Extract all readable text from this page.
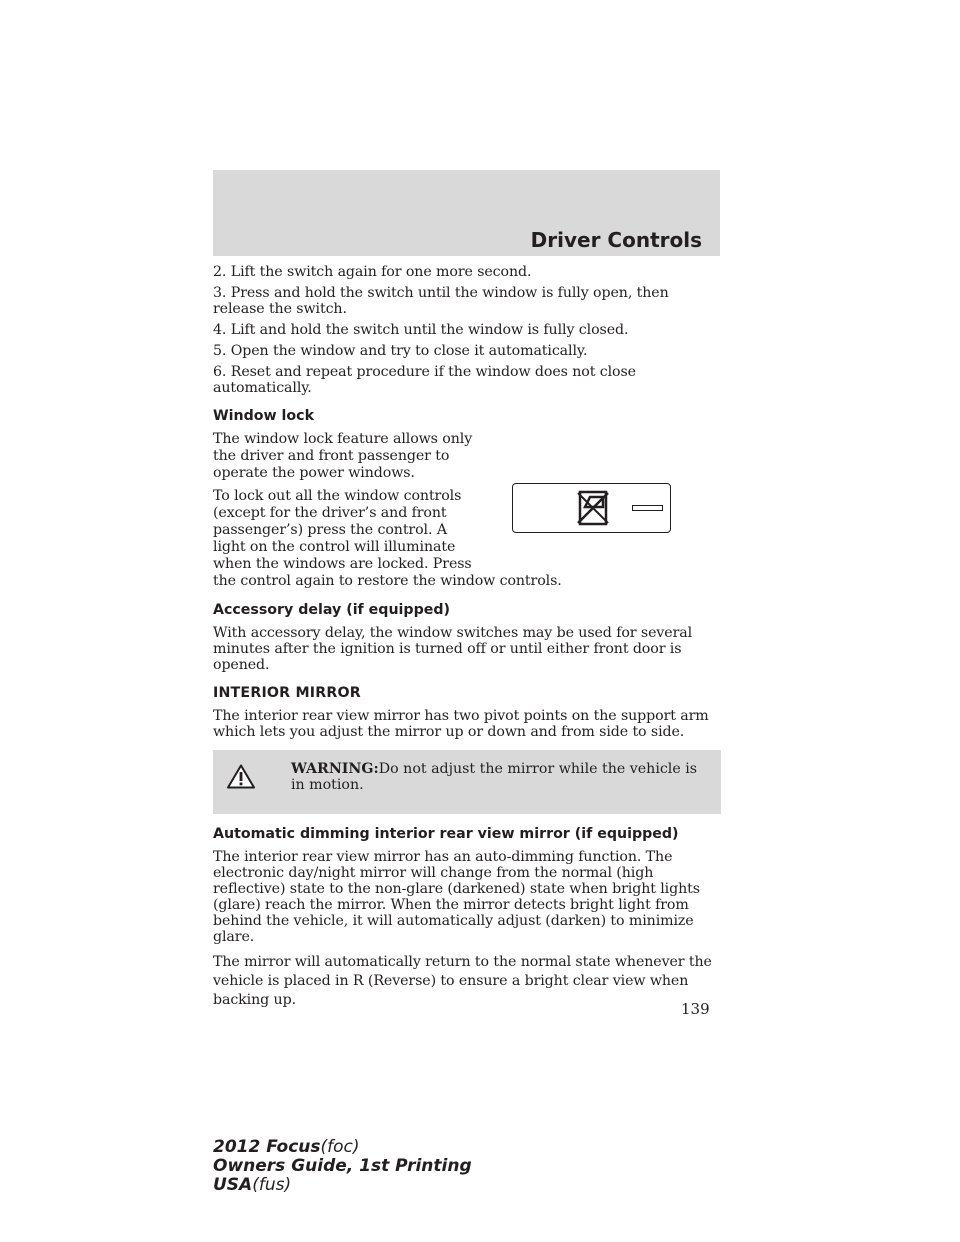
Driver Controls

2. Lift the switch again for one more second.

3. Press and hold the switch until the window is fully open, then release the switch.

4. Lift and hold the switch until the window is fully closed.

5. Open the window and try to close it automatically.

6. Reset and repeat procedure if the window does not close automatically.

Window lock

The window lock feature allows only the driver and front passenger to operate the power windows.

To lock out all the window controls
(except for the driver’s and front
passenger’s) press the control. A
light on the control will illuminate
when the windows are locked. Press
the control again to restore the window controls.

Accessory delay (if equipped)

With accessory delay, the window switches may be used for several minutes after the ignition is turned off or until either front door is opened.

INTERIOR MIRROR

The interior rear view mirror has two pivot points on the support arm which lets you adjust the mirror up or down and from side to side.

WARNING:Do not adjust the mirror while the vehicle is in motion.
Automatic dimming interior rear view mirror (if equipped)

The interior rear view mirror has an auto-dimming function. The electronic day/night mirror will change from the normal (high reflective) state to the non-glare (darkened) state when bright lights (glare) reach the mirror. When the mirror detects bright light from behind the vehicle, it will automatically adjust (darken) to minimize glare.

The mirror will automatically return to the normal state whenever the vehicle is placed in R (Reverse) to ensure a bright clear view when backing up.	139
2012 Focus(foc)
Owners Guide, 1st Printing
USA(fus)
